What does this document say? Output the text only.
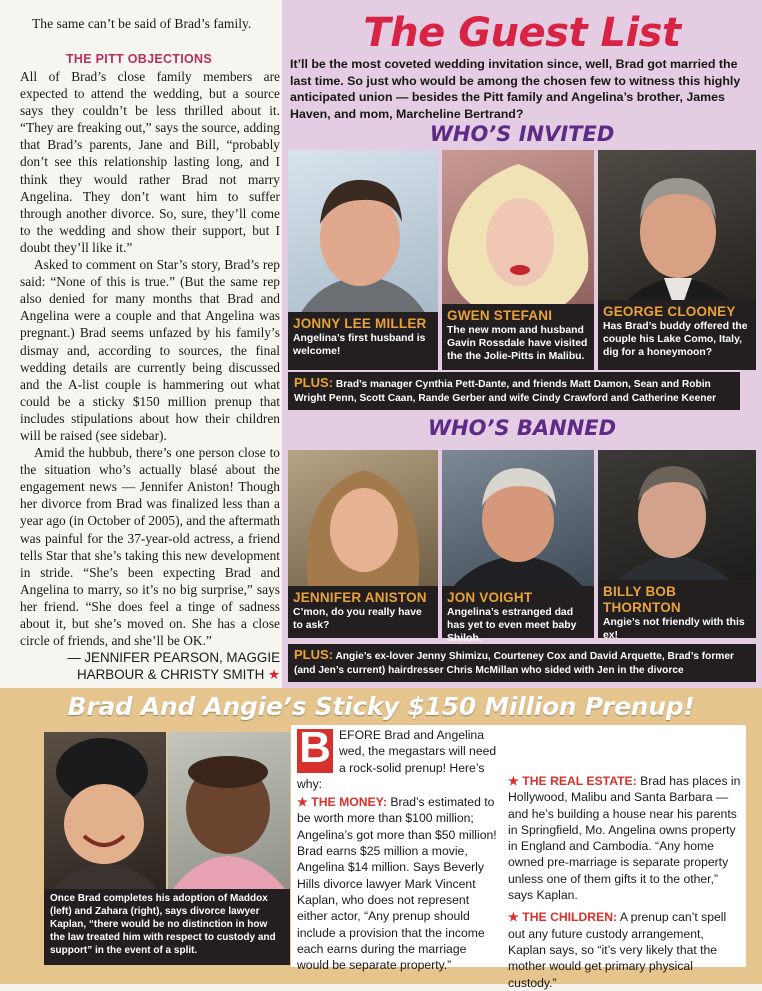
The same can’t be said of Brad’s family.
THE PITT OBJECTIONS

All of Brad’s close family members are expected to attend the wedding, but a source says they couldn’t be less thrilled about it. “They are freaking out,” says the source, adding that Brad’s parents, Jane and Bill, “probably don’t see this relationship lasting long, and I think they would rather Brad not marry Angelina. They don’t want him to suffer through another divorce. So, sure, they’ll come to the wedding and show their support, but I doubt they’ll like it.”

Asked to comment on Star’s story, Brad’s rep said: “None of this is true.” (But the same rep also denied for many months that Brad and Angelina were a couple and that Angelina was pregnant.) Brad seems unfazed by his family’s dismay and, according to sources, the final wedding details are currently being discussed and the A-list couple is hammering out what could be a sticky $150 million prenup that includes stipulations about how their children will be raised (see sidebar).

Amid the hubbub, there’s one person close to the situation who’s actually blasé about the engagement news — Jennifer Aniston! Though her divorce from Brad was finalized less than a year ago (in October of 2005), and the aftermath was painful for the 37-year-old actress, a friend tells Star that she’s taking this new development in stride. “She’s been expecting Brad and Angelina to marry, so it’s no big surprise,” says her friend. “She does feel a tinge of sadness about it, but she’s moved on. She has a close circle of friends, and she’ll be OK.”

— JENNIFER PEARSON, MAGGIE
HARBOUR & CHRISTY SMITH ★

The Guest List
It’ll be the most coveted wedding invitation since, well, Brad got married the last time. So just who would be among the chosen few to witness this highly anticipated union — besides the Pitt family and Angelina’s brother, James Haven, and mom, Marcheline Bertrand?
WHO’S INVITED
JONNY LEE MILLER
Angelina’s first husband is welcome!
GWEN STEFANI
The new mom and husband Gavin Rossdale have visited the the Jolie-Pitts in Malibu.
GEORGE CLOONEY
Has Brad’s buddy offered the couple his Lake Como, Italy, dig for a honeymoon?
PLUS: Brad’s manager Cynthia Pett-Dante, and friends Matt Damon, Sean and Robin Wright Penn, Scott Caan, Rande Gerber and wife Cindy Crawford and Catherine Keener
WHO’S BANNED
JENNIFER ANISTON
C’mon, do you really have to ask?
JON VOIGHT
Angelina’s estranged dad has yet to even meet baby Shiloh.
BILLY BOB THORNTON
Angie’s not friendly with this ex!
PLUS: Angie’s ex-lover Jenny Shimizu, Courteney Cox and David Arquette, Brad’s former (and Jen’s current) hairdresser Chris McMillan who sided with Jen in the divorce
Brad And Angie’s Sticky $150 Million Prenup!
Once Brad completes his adoption of Maddox (left) and Zahara (right), says divorce lawyer Kaplan, “there would be no distinction in how the law treated him with respect to custody and support” in the event of a split.

B EFORE Brad and Angelina wed, the megastars will need a rock-solid prenup! Here’s why:

★ THE MONEY: Brad’s estimated to be worth more than $100 million; Angelina’s got more than $50 million! Brad earns $25 million a movie, Angelina $14 million. Says Beverly Hills divorce lawyer Mark Vincent Kaplan, who does not represent either actor, “Any prenup should include a provision that the income each earns during the marriage would be separate property.”

★ THE REAL ESTATE: Brad has places in Hollywood, Malibu and Santa Barbara — and he’s building a house near his parents in Springfield, Mo. Angelina owns property in England and Cambodia. “Any home owned pre-marriage is separate property unless one of them gifts it to the other,” says Kaplan.

★ THE CHILDREN: A prenup can’t spell out any future custody arrangement, Kaplan says, so “it’s very likely that the mother would get primary physical custody.”
